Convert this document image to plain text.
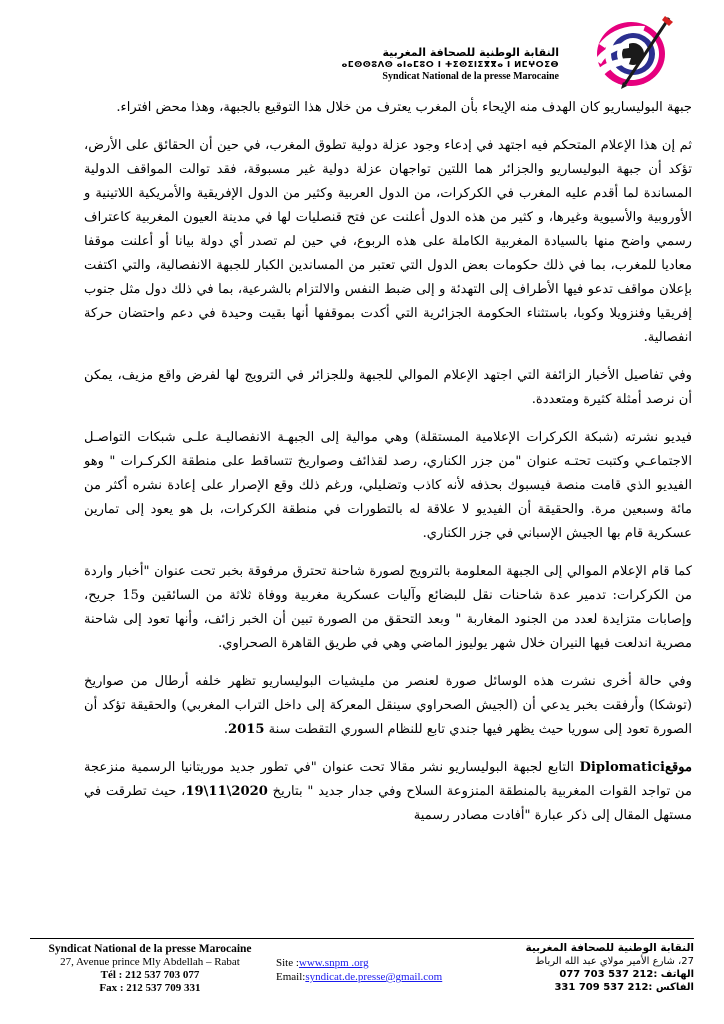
النقابة الوطنية للصحافة المغربية
ⴰⵎⵙⵙⵓⴷⵙ ⴰⵏⴰⵎⵓⵔ ⵏ ⵜⵉⵙⵉⵏⵉⴳⴳⴰ ⵏ ⵍⵎⵖⵔⵉⴱ
Syndicat National de la presse Marocaine

جبهة البوليساريو كان الهدف منه الإيحاء بأن المغرب يعترف من خلال هذا التوقيع بالجبهة، وهذا محض افتراء.

ثم إن هذا الإعلام المتحكم فيه اجتهد في إدعاء وجود عزلة دولية تطوق المغرب، في حين أن الحقائق على الأرض، تؤكد أن جبهة البوليساريو والجزائر هما اللتين تواجهان عزلة دولية غير مسبوقة، فقد توالت المواقف الدولية المساندة لما أقدم عليه المغرب في الكركرات، من الدول العربية وكثير من الدول الإفريقية والأمريكية اللاتينية و الأوروبية والأسيوية وغيرها، و كثير من هذه الدول أعلنت عن فتح قنصليات لها في مدينة العيون المغربية كاعتراف رسمي واضح منها بالسيادة المغربية الكاملة على هذه الربوع، في حين لم تصدر أي دولة بيانا أو أعلنت موقفا معاديا للمغرب، بما في ذلك حكومات بعض الدول التي تعتبر من المساندين الكبار للجبهة الانفصالية، والتي اكتفت بإعلان مواقف تدعو فيها الأطراف إلى التهدئة و إلى ضبط النفس والالتزام بالشرعية، بما في ذلك دول مثل جنوب إفريقيا وفنزويلا وكوبا، باستثناء الحكومة الجزائرية التي أكدت بموقفها أنها بقيت وحيدة في دعم واحتضان حركة انفصالية.

وفي تفاصيل الأخبار الزائفة التي اجتهد الإعلام الموالي للجبهة وللجزائر في الترويج لها لفرض واقع مزيف، يمكن أن نرصد أمثلة كثيرة ومتعددة.

فيديو نشرته (شبكة الكركرات الإعلامية المستقلة) وهي موالية إلى الجبهـة الانفصاليـة علـى شبكات التواصـل الاجتماعـي وكتبت تحتـه عنوان "من جزر الكناري، رصد لقذائف وصواريخ تتساقط على منطقة الكركـرات " وهو الفيديو الذي قامت منصة فيسبوك بحذفه لأنه كاذب وتضليلي، ورغم ذلك وقع الإصرار على إعادة نشره أكثر من مائة وسبعين مرة. والحقيقة أن الفيديو لا علاقة له بالتطورات في منطقة الكركرات، بل هو يعود إلى تمارين عسكرية قام بها الجيش الإسباني في جزر الكناري.

كما قام الإعلام الموالي إلى الجبهة المعلومة بالترويج لصورة شاحنة تحترق مرفوقة بخبر تحت عنوان "أخبار واردة من الكركرات: تدمير عدة شاحنات نقل للبضائع وآليات عسكرية مغربية ووفاة ثلاثة من السائقين و15 جريح، وإصابات متزايدة لعدد من الجنود المغاربة " وبعد التحقق من الصورة تبين أن الخبر زائف، وأنها تعود إلى شاحنة مصرية اندلعت فيها النيران خلال شهر يوليوز الماضي وهي في طريق القاهرة الصحراوي.

وفي حالة أخرى نشرت هذه الوسائل صورة لعنصر من مليشيات البوليساريو تظهر خلفه أرطال من صواريخ (توشكا) وأرفقت بخبر يدعي أن (الجيش الصحراوي سينقل المعركة إلى داخل التراب المغربي) والحقيقة تؤكد أن الصورة تعود إلى سوريا حيث يظهر فيها جندي تابع للنظام السوري التقطت سنة 2015.

موقعDiplomatici التابع لجبهة البوليساريو نشر مقالا تحت عنوان "في تطور جديد موريتانيا الرسمية منزعجة من تواجد القوات المغربية بالمنطقة المنزوعة السلاح وفي جدار جديد " بتاريخ 2020\11\19، حيث تطرقت في مستهل المقال إلى ذكر عبارة "أفادت مصادر رسمية

Syndicat National de la presse Marocaine
27, Avenue prince Mly Abdellah – Rabat
Tél : 212 537 703 077
Fax : 212 537 709 331
Site :www.snpm .org
Email:syndicat.de.presse@gmail.com
النقابة الوطنية للصحافة المغربية
27، شارع الأمير مولاي عبد الله الرباط
الهاتف :212 537 703 077
الفاكس :212 537 709 331
